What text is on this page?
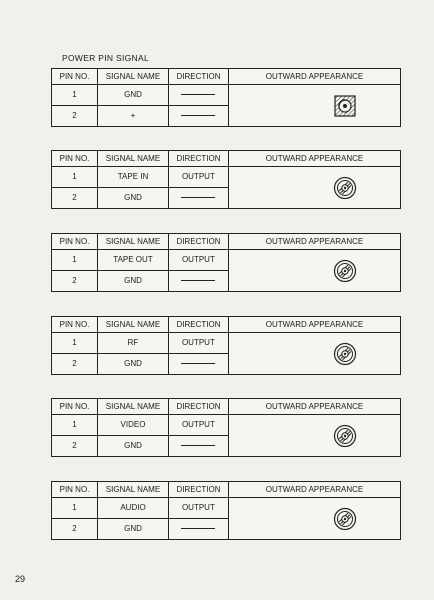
POWER PIN SIGNAL
PIN NO.	SIGNAL NAME	DIRECTION	OUTWARD APPEARANCE
1	GND
2	+
PIN NO.	SIGNAL NAME	DIRECTION	OUTWARD APPEARANCE
1	TAPE IN	OUTPUT
2	GND
PIN NO.	SIGNAL NAME	DIRECTION	OUTWARD APPEARANCE
1	TAPE OUT	OUTPUT
2	GND
PIN NO.	SIGNAL NAME	DIRECTION	OUTWARD APPEARANCE
1	RF	OUTPUT
2	GND
PIN NO.	SIGNAL NAME	DIRECTION	OUTWARD APPEARANCE
1	VIDEO	OUTPUT
2	GND
PIN NO.	SIGNAL NAME	DIRECTION	OUTWARD APPEARANCE
1	AUDIO	OUTPUT
2	GND
29
